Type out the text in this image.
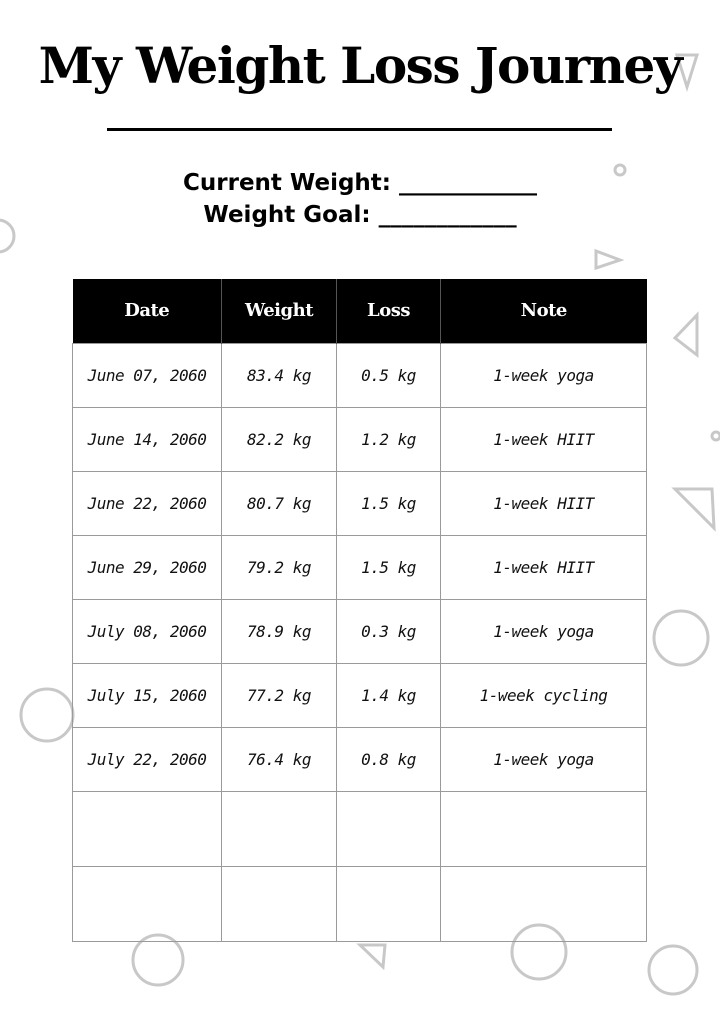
My Weight Loss Journey
Current Weight: ____________
Weight Goal: ____________
Date	Weight	Loss	Note
June 07, 2060	83.4 kg	0.5 kg	1-week yoga
June 14, 2060	82.2 kg	1.2 kg	1-week HIIT
June 22, 2060	80.7 kg	1.5 kg	1-week HIIT
June 29, 2060	79.2 kg	1.5 kg	1-week HIIT
July 08, 2060	78.9 kg	0.3 kg	1-week yoga
July 15, 2060	77.2 kg	1.4 kg	1-week cycling
July 22, 2060	76.4 kg	0.8 kg	1-week yoga
